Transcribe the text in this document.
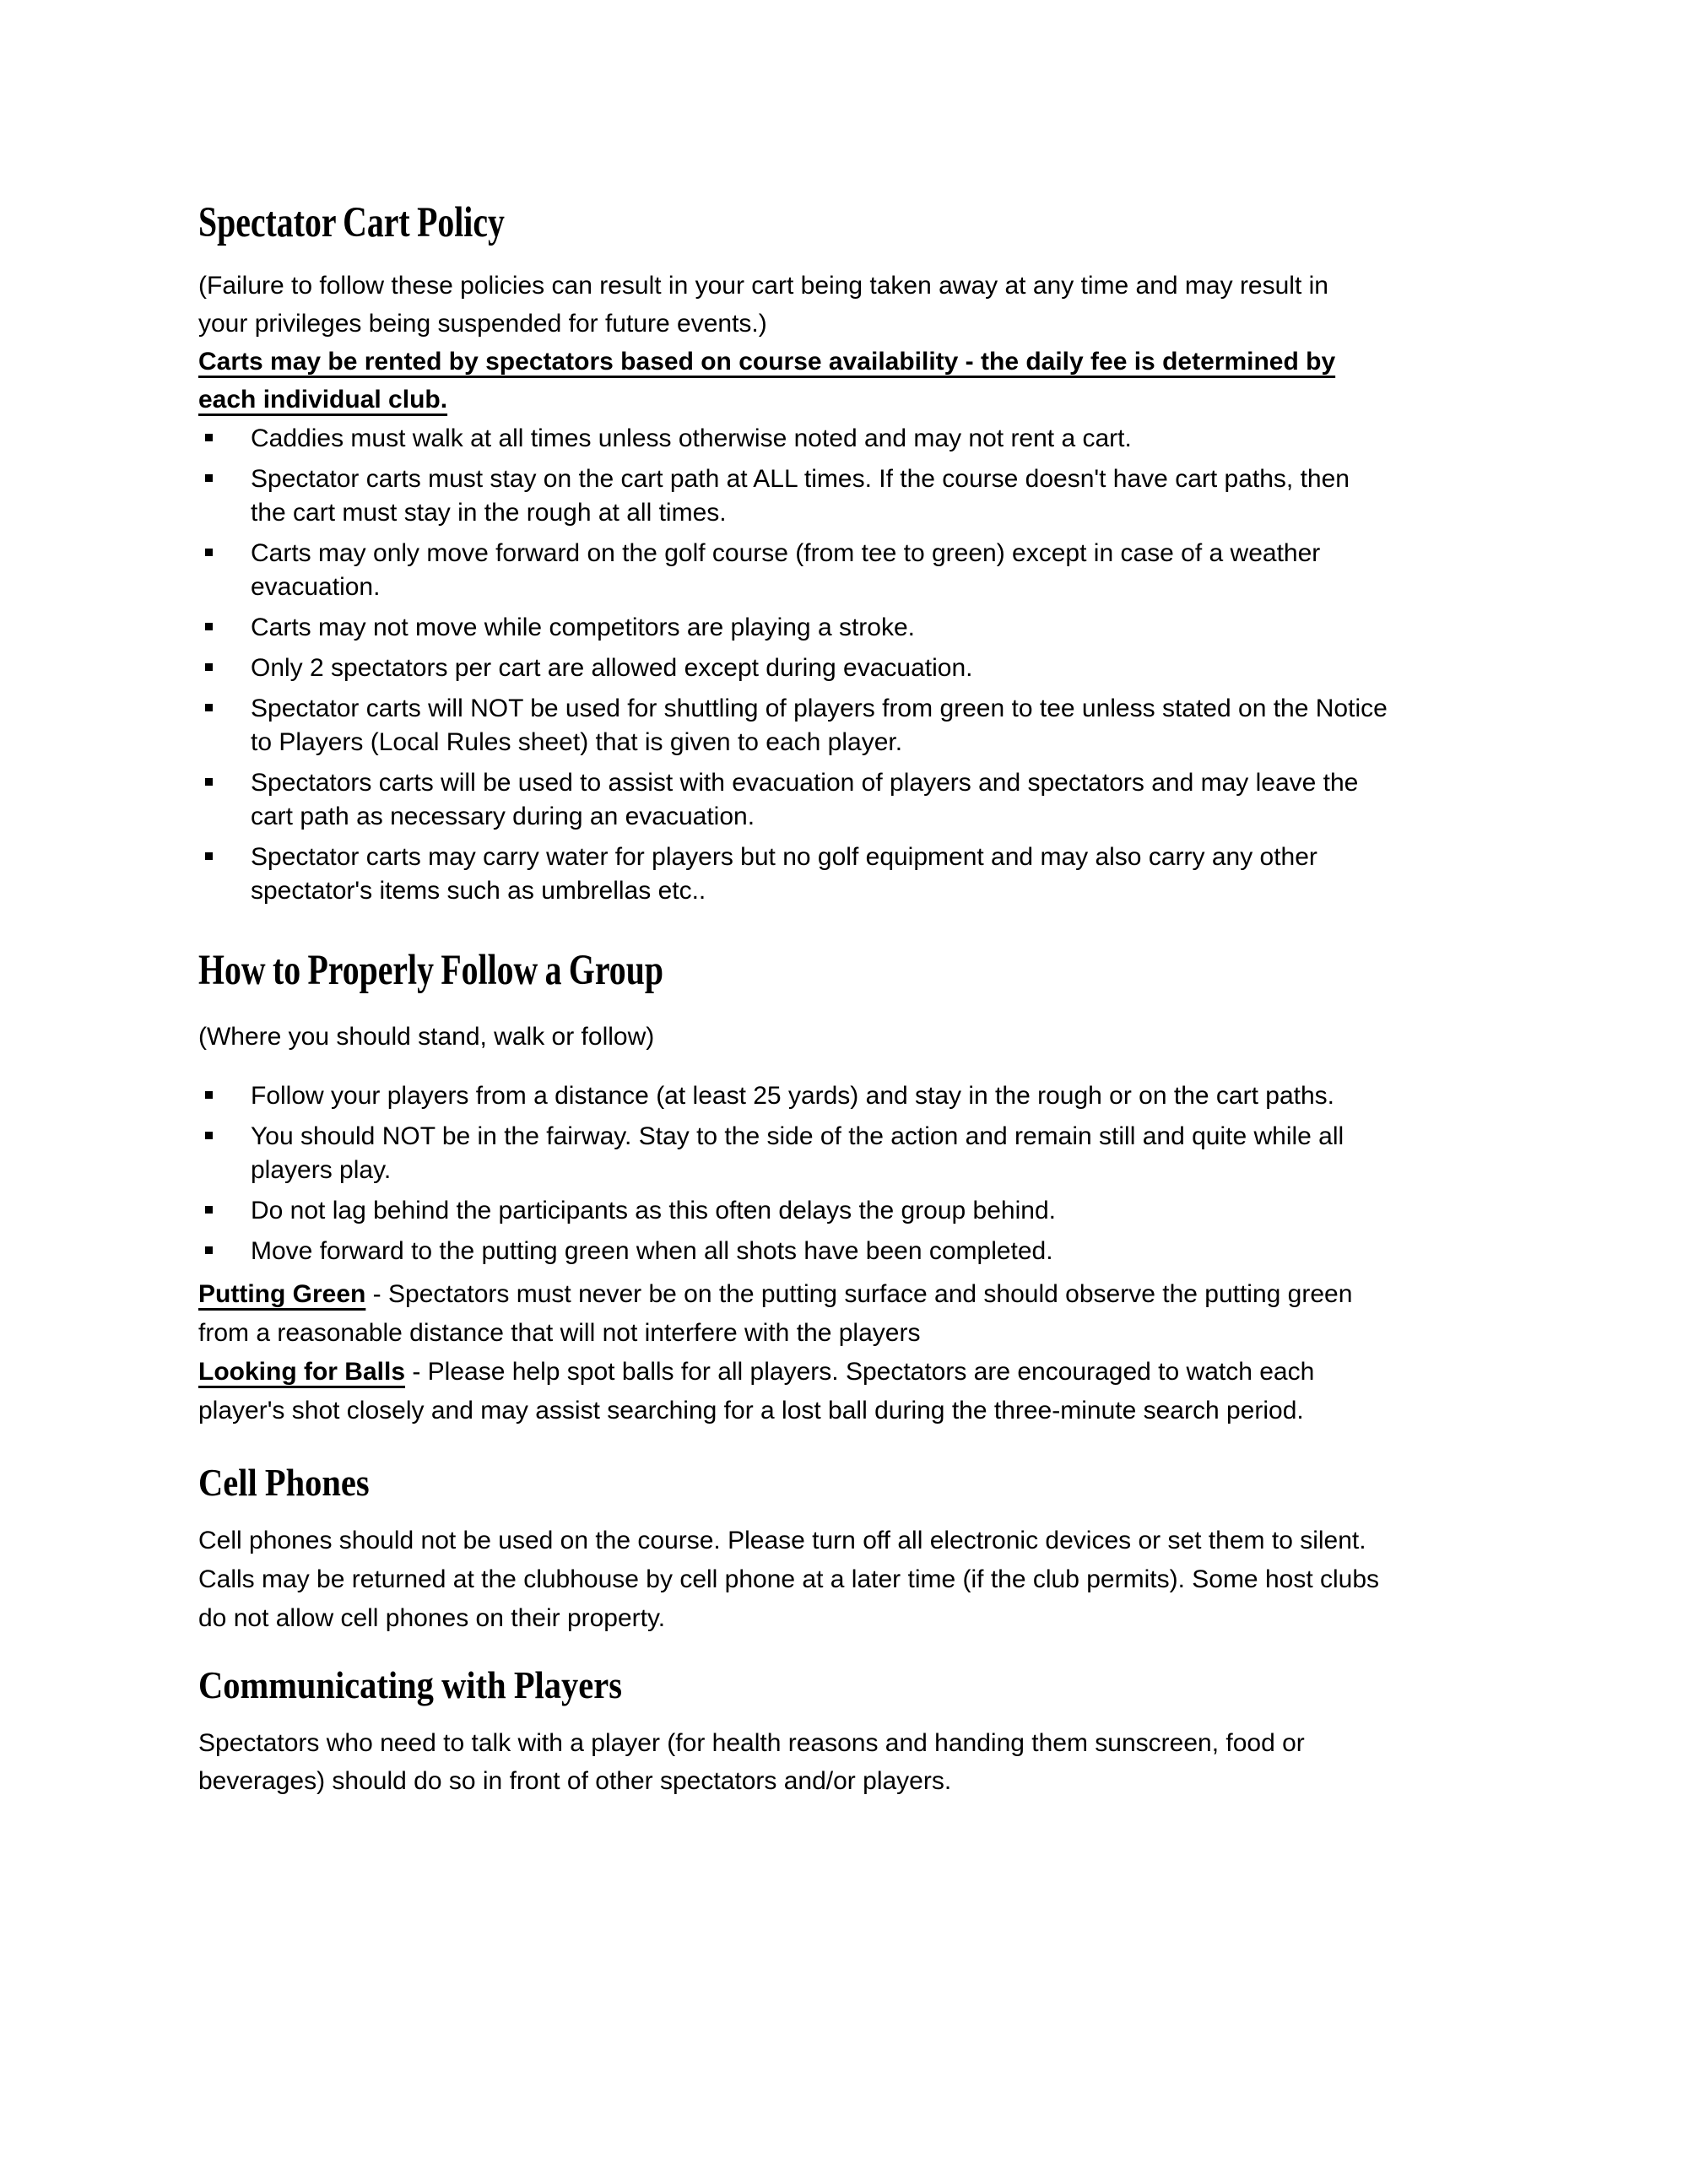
Spectator Cart Policy

(Failure to follow these policies can result in your cart being taken away at any time and may result in
your privileges being suspended for future events.)

Carts may be rented by spectators based on course availability - the daily fee is determined by
each individual club.

Caddies must walk at all times unless otherwise noted and may not rent a cart.
Spectator carts must stay on the cart path at ALL times. If the course doesn't have cart paths, then
the cart must stay in the rough at all times.
Carts may only move forward on the golf course (from tee to green) except in case of a weather
evacuation.
Carts may not move while competitors are playing a stroke.
Only 2 spectators per cart are allowed except during evacuation.
Spectator carts will NOT be used for shuttling of players from green to tee unless stated on the Notice
to Players (Local Rules sheet) that is given to each player.
Spectators carts will be used to assist with evacuation of players and spectators and may leave the
cart path as necessary during an evacuation.
Spectator carts may carry water for players but no golf equipment and may also carry any other
spectator's items such as umbrellas etc..
How to Properly Follow a Group

(Where you should stand, walk or follow)

Follow your players from a distance (at least 25 yards) and stay in the rough or on the cart paths.
You should NOT be in the fairway. Stay to the side of the action and remain still and quite while all
players play.
Do not lag behind the participants as this often delays the group behind.
Move forward to the putting green when all shots have been completed.

Putting Green - Spectators must never be on the putting surface and should observe the putting green
from a reasonable distance that will not interfere with the players

Looking for Balls - Please help spot balls for all players. Spectators are encouraged to watch each
player's shot closely and may assist searching for a lost ball during the three-minute search period.

Cell Phones

Cell phones should not be used on the course. Please turn off all electronic devices or set them to silent.
Calls may be returned at the clubhouse by cell phone at a later time (if the club permits). Some host clubs
do not allow cell phones on their property.

Communicating with Players

Spectators who need to talk with a player (for health reasons and handing them sunscreen, food or
beverages) should do so in front of other spectators and/or players.
